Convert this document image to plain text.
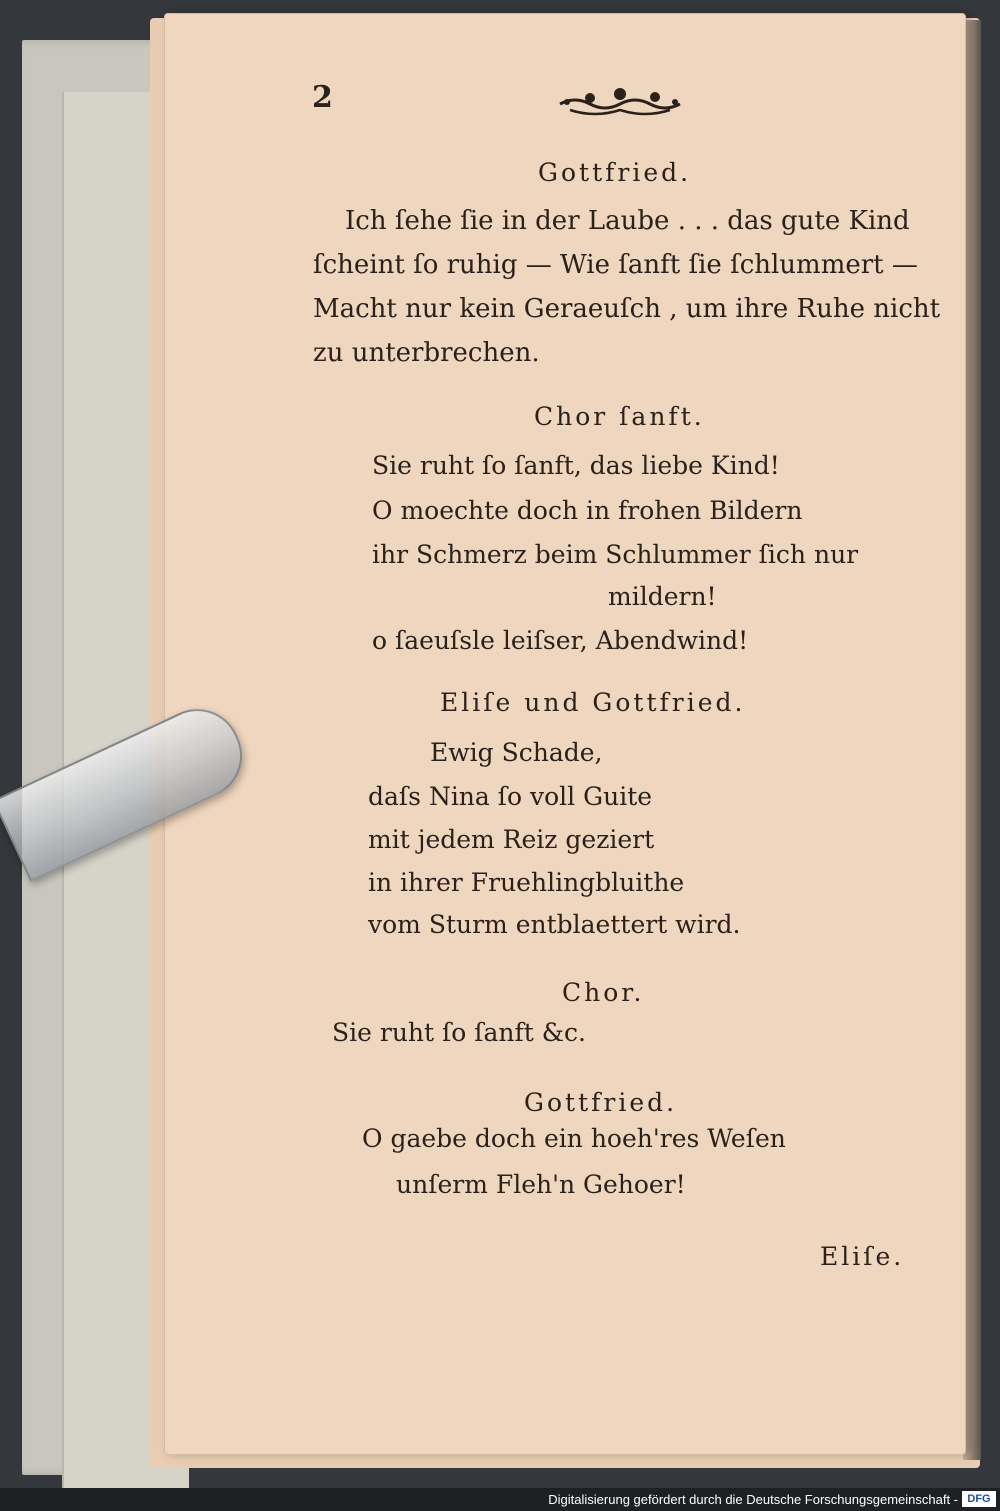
2
Gottfried.
Ich ſehe ſie in der Laube . . . das gute Kind
ſcheint ſo ruhig — Wie ſanft ſie ſchlummert —
Macht nur kein Geraeuſch , um ihre Ruhe nicht
zu unterbrechen.
Chor ſanft.
Sie ruht ſo ſanft, das liebe Kind!
O moechte doch in frohen Bildern
ihr Schmerz beim Schlummer ſich nur
mildern!
o ſaeuſsle leiſser, Abendwind!
Eliſe und Gottfried.
Ewig Schade,
daſs Nina ſo voll Guite
mit jedem Reiz geziert
in ihrer Fruehlingbluithe
vom Sturm entblaettert wird.
Chor.
Sie ruht ſo ſanft &c.
Gottfried.
O gaebe doch ein hoeh'res Weſen
unſerm Fleh'n Gehoer!
Eliſe.
Digitalisierung gefördert durch die Deutsche Forschungsgemeinschaft - DFG
